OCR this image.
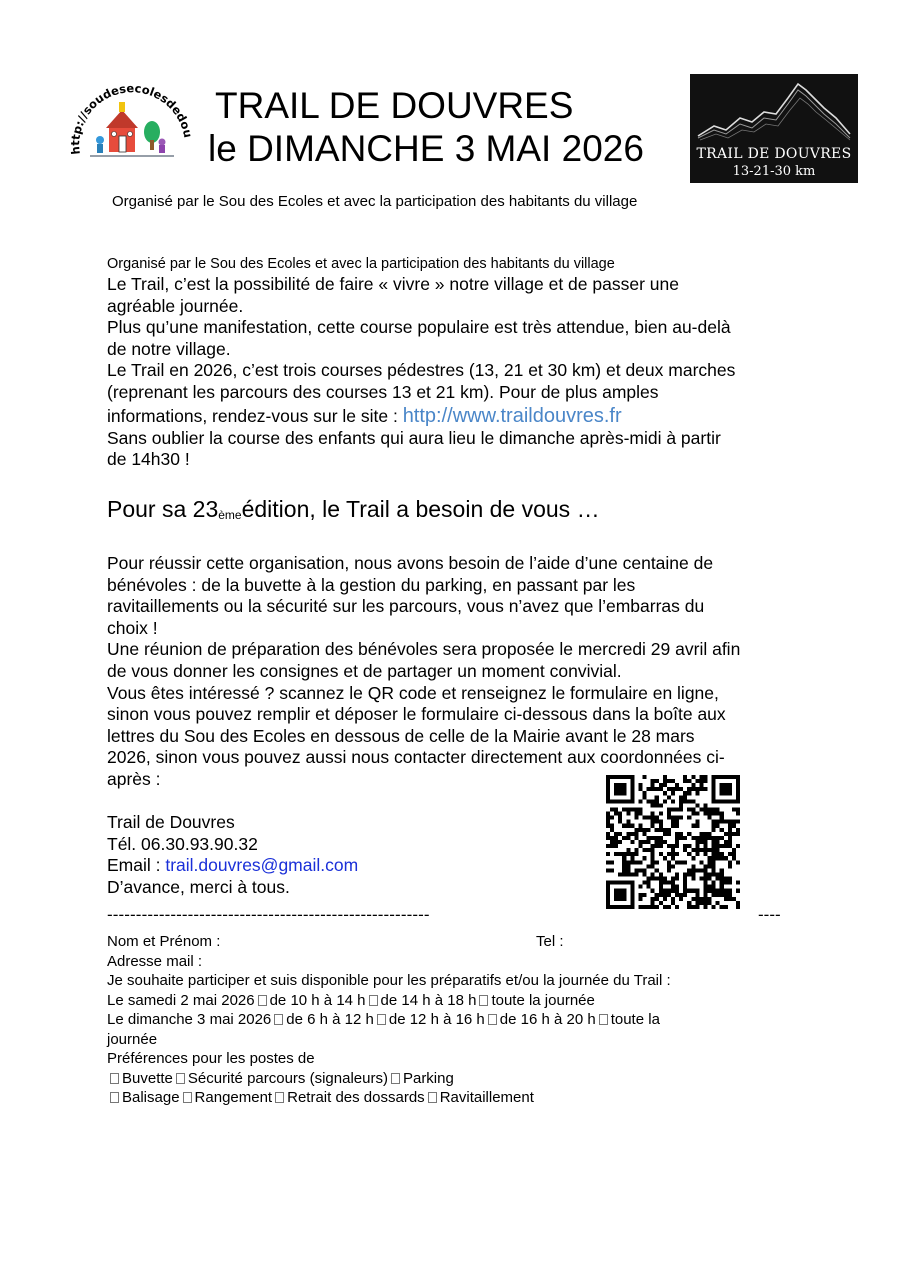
http://soudesecolesdedou
TRAIL DE DOUVRES
le DIMANCHE 3 MAI 2026	TRAIL DE DOUVRES
13-21-30 km
Organisé par le Sou des Ecoles et avec la participation des habitants du village
Organisé par le Sou des Ecoles et avec la participation des habitants du village
Le Trail, c’est la possibilité de faire « vivre » notre village et de passer une
agréable journée.
Plus qu’une manifestation, cette course populaire est très attendue, bien au-delà
de notre village.
Le Trail en 2026, c’est trois courses pédestres (13, 21 et 30 km) et deux marches
(reprenant les parcours des courses 13 et 21 km). Pour de plus amples
informations, rendez-vous sur le site : http://www.traildouvres.fr
Sans oublier la course des enfants qui aura lieu le dimanche après-midi à partir
de 14h30 !
Pour sa 23èmeédition, le Trail a besoin de vous …
Pour réussir cette organisation, nous avons besoin de l’aide d’une centaine de
bénévoles : de la buvette à la gestion du parking, en passant par les
ravitaillements ou la sécurité sur les parcours, vous n’avez que l’embarras du
choix !
Une réunion de préparation des bénévoles sera proposée le mercredi 29 avril afin
de vous donner les consignes et de partager un moment convivial.
Vous êtes intéressé ? scannez le QR code et renseignez le formulaire en ligne,
sinon vous pouvez remplir et déposer le formulaire ci-dessous dans la boîte aux
lettres du Sou des Ecoles en dessous de celle de la Mairie avant le 28 mars
2026, sinon vous pouvez aussi nous contacter directement aux coordonnées ci-
après :
Trail de Douvres
Tél. 06.30.93.90.32
Email : trail.douvres@gmail.com
D’avance, merci à tous.
--------------------------------------------------------	----
Tel :
Nom et Prénom :
Adresse mail :
Je souhaite participer et suis disponible pour les préparatifs et/ou la journée du Trail :
Le samedi 2 mai 2026 de 10 h à 14 h de 14 h à 18 h toute la journée
Le dimanche 3 mai 2026 de 6 h à 12 h de 12 h à 16 h de 16 h à 20 h toute la
journée
Préférences pour les postes de
Buvette Sécurité parcours (signaleurs) Parking
Balisage Rangement Retrait des dossards Ravitaillement
